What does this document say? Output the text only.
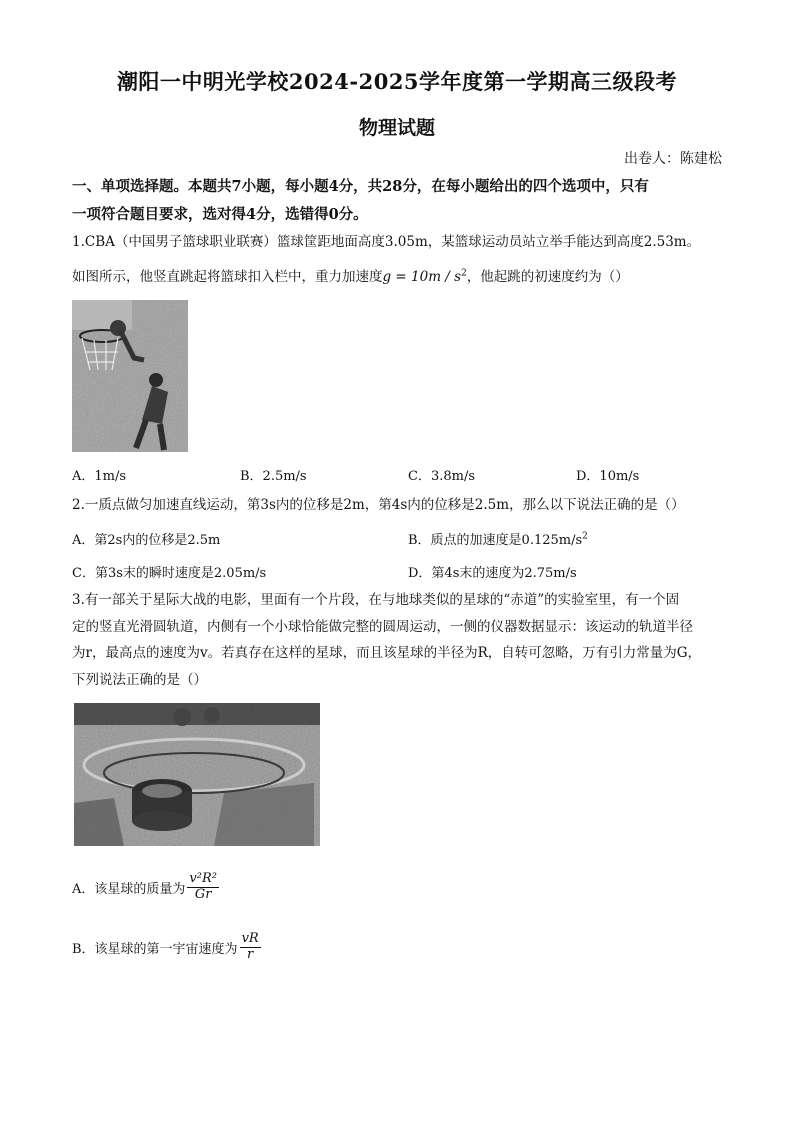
潮阳一中明光学校2024-2025学年度第一学期高三级段考
物理试题
出卷人：陈建松
一、单项选择题。本题共7小题，每小题4分，共28分，在每小题给出的四个选项中，只有
一项符合题目要求，选对得4分，选错得0分。
1.CBA（中国男子篮球职业联赛）篮球筐距地面高度3.05m，某篮球运动员站立举手能达到高度2.53m。
如图所示，他竖直跳起将篮球扣入栏中，重力加速度$g = 10m / s^2$，他起跳的初速度约为（）
A．1m/s	B．2.5m/s	C．3.8m/s	D．10m/s
2.一质点做匀加速直线运动，第3s内的位移是2m，第4s内的位移是2.5m，那么以下说法正确的是（）
A．第2s内的位移是2.5m	B．质点的加速度是$0.125m/s^2$
C．第3s末的瞬时速度是2.05m/s	D．第4s末的速度为2.75m/s
3.有一部关于星际大战的电影，里面有一个片段，在与地球类似的星球的“赤道”的实验室里，有一个固
定的竖直光滑圆轨道，内侧有一个小球恰能做完整的圆周运动，一侧的仪器数据显示：该运动的轨道半径
为r，最高点的速度为v。若真存在这样的星球，而且该星球的半径为R，自转可忽略，万有引力常量为G，
下列说法正确的是（）
A．该星球的质量为 $\frac{\text{v²R²}}{Gr}$
B．该星球的第一宇宙速度为 $\frac{vR}{r}$
